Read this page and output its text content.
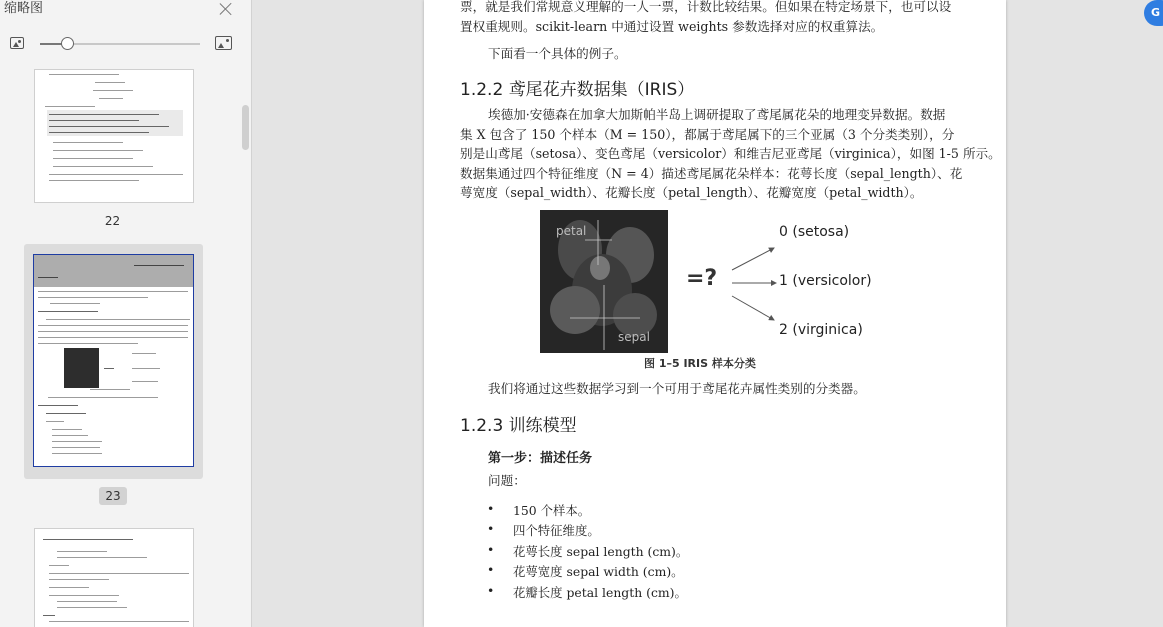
缩略图
22
23
票，就是我们常规意义理解的一人一票，计数比较结果。但如果在特定场景下，也可以设
置权重规则。scikit-learn 中通过设置 weights 参数选择对应的权重算法。
下面看一个具体的例子。
1.2.2 鸢尾花卉数据集（IRIS）
埃德加·安德森在加拿大加斯帕半岛上调研提取了鸢尾属花朵的地理变异数据。数据
集 X 包含了 150 个样本（M = 150），都属于鸢尾属下的三个亚属（3 个分类类别），分
别是山鸢尾（setosa）、变色鸢尾（versicolor）和维吉尼亚鸢尾（virginica），如图 1-5 所示。
数据集通过四个特征维度（N = 4）描述鸢尾属花朵样本：花萼长度（sepal_length）、花
萼宽度（sepal_width）、花瓣长度（petal_length）、花瓣宽度（petal_width）。
petal
sepal
=?
0 (setosa)
1 (versicolor)
2 (virginica)
图 1–5 IRIS 样本分类
我们将通过这些数据学习到一个可用于鸢尾花卉属性类别的分类器。
1.2.3 训练模型
第一步：描述任务
问题：
150 个样本。
四个特征维度。
花萼长度 sepal length (cm)。
花萼宽度 sepal width (cm)。
花瓣长度 petal length (cm)。
G
